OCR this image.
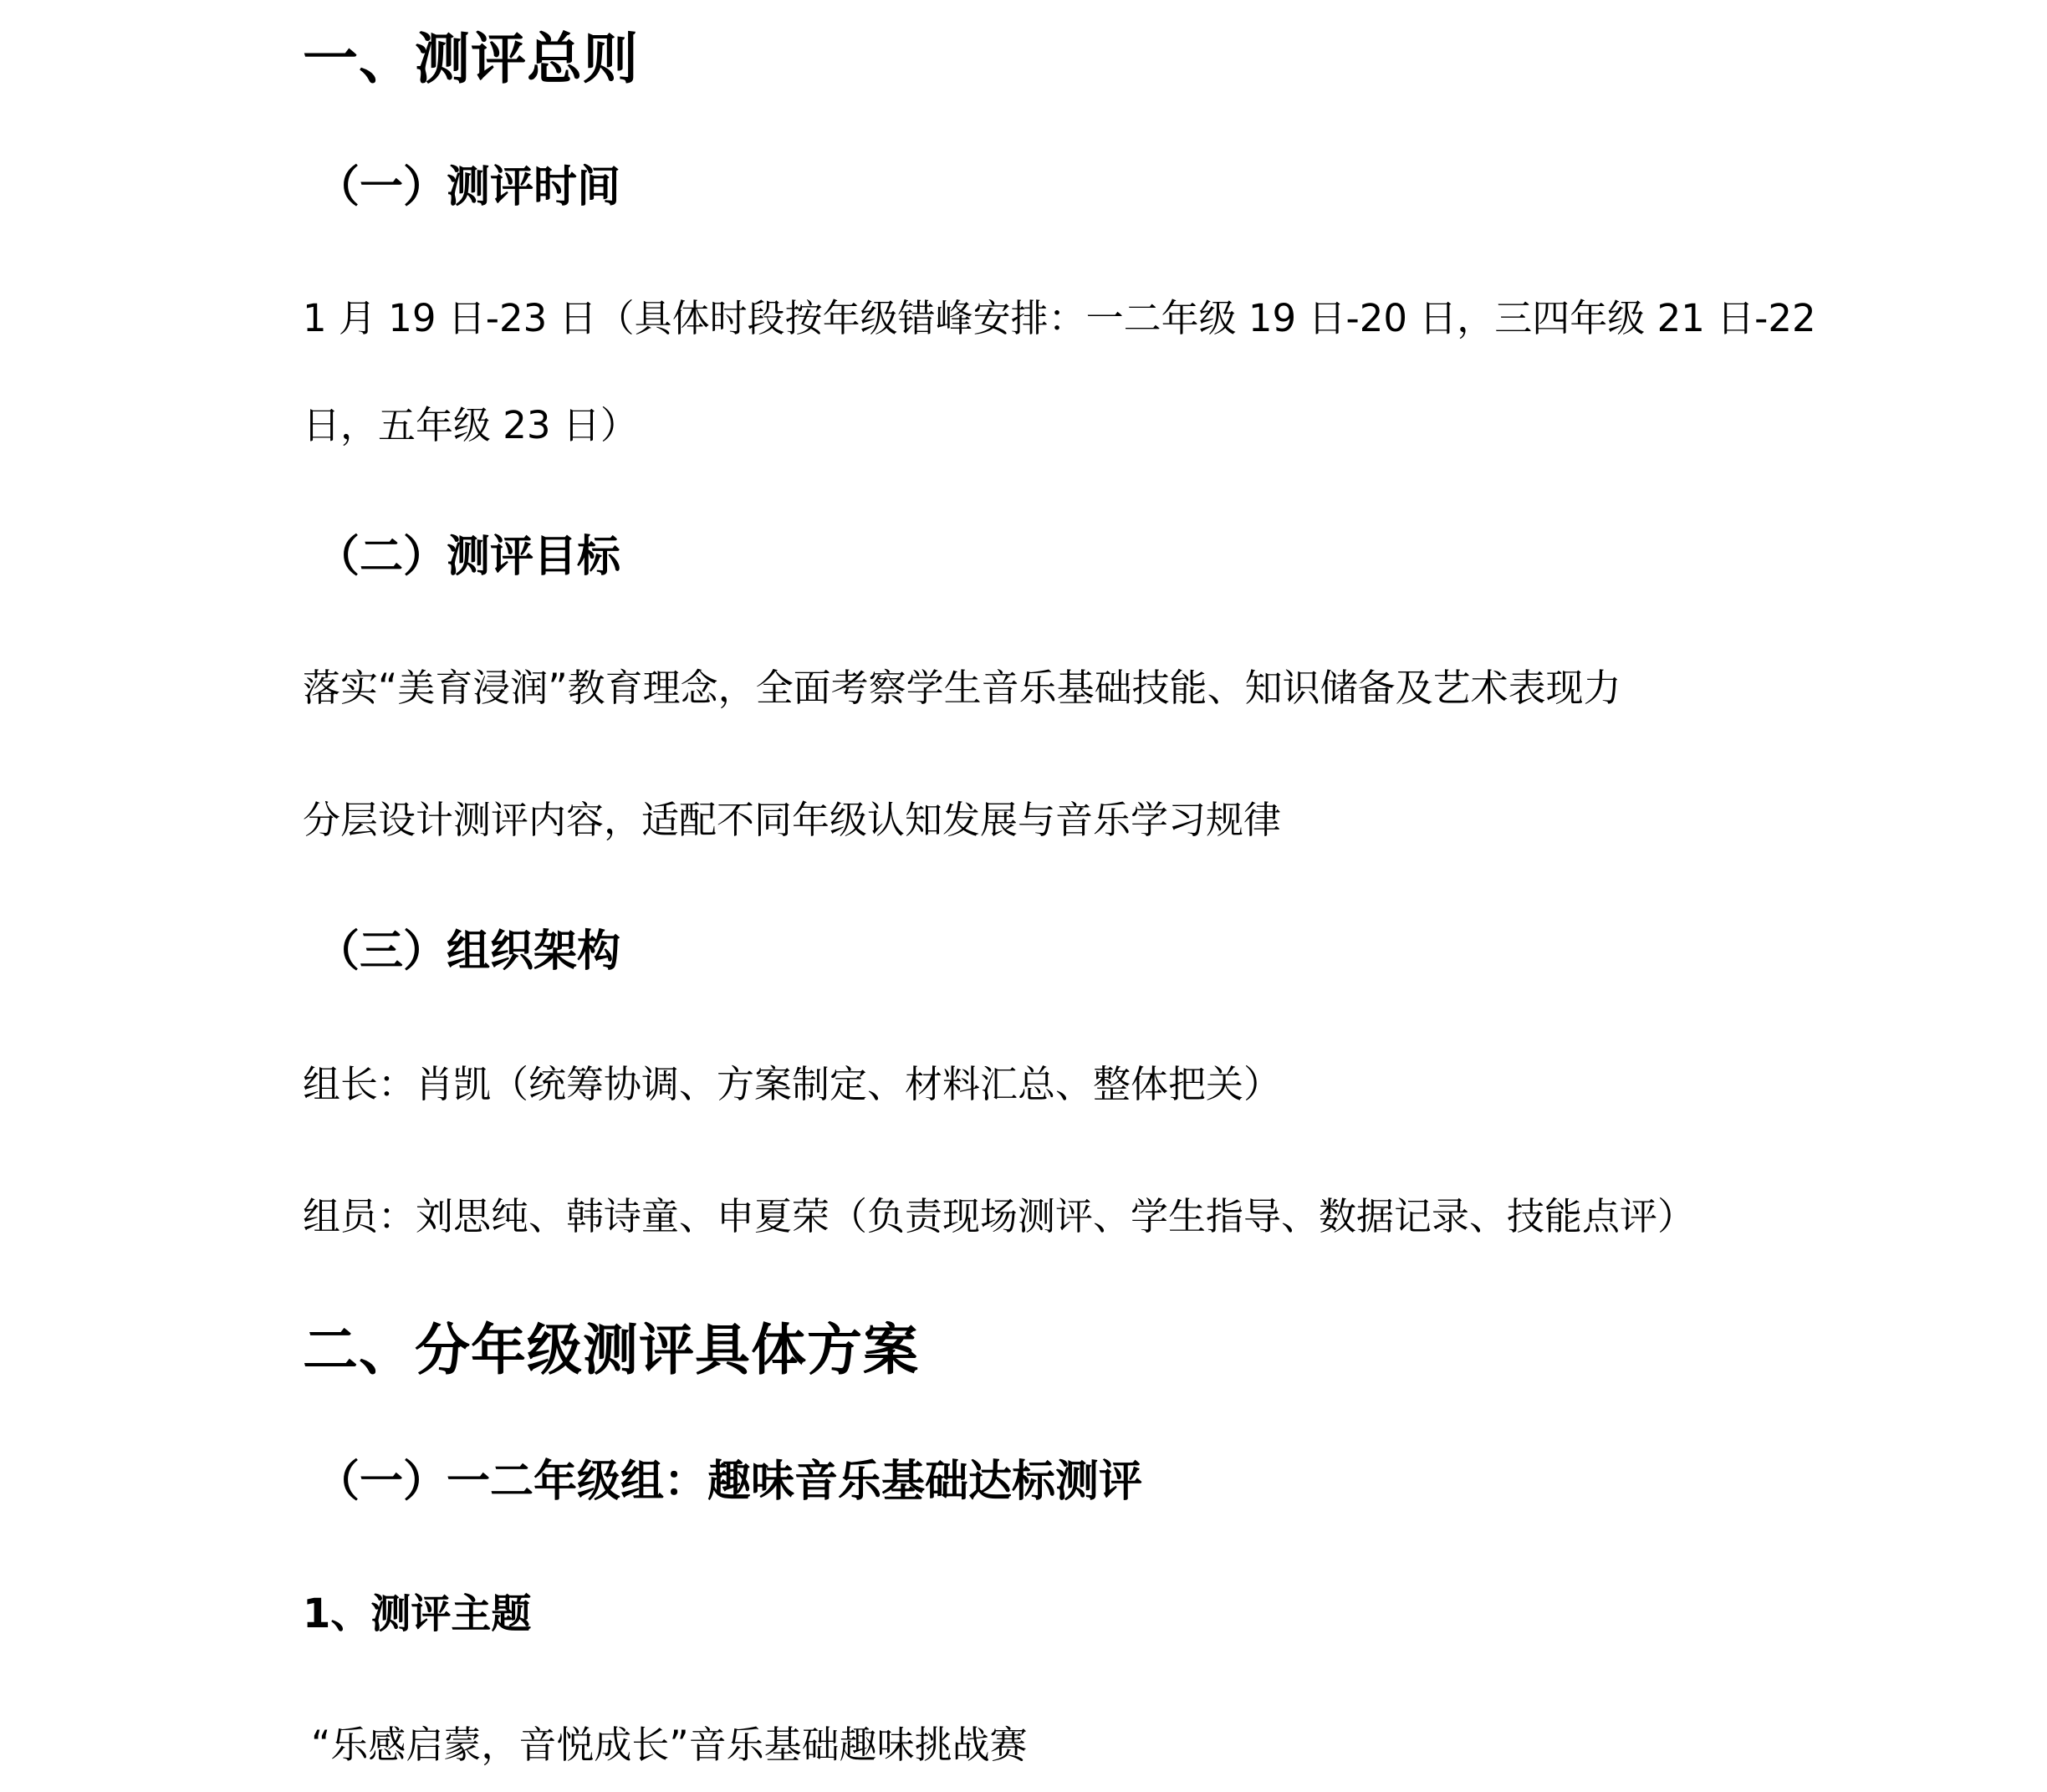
一、测评总则
（一）测评时间
1 月 19 日-23 日（具体时段按年级错峰安排：一二年级 19 日-20 日，三四年级 21 日-22
日，五年级 23 日）
（二）测评目标
落实“美育浸润”教育理念，全面考察学生音乐基础技能、知识储备及艺术表现力
分层设计测评内容，适配不同年级认知发展与音乐学习规律
（三）组织架构
组长：肖凯（统筹协调、方案制定、材料汇总、整体把关）
组员：刘思纯、韩诗童、申夏荣（负责现场测评、学生指导、数据记录、技能点评）
二、分年级测评具体方案
（一）一二年级组：趣味音乐基础达标测评
1、测评主题
“乐感启蒙，音悦成长”音乐基础趣味挑战赛
